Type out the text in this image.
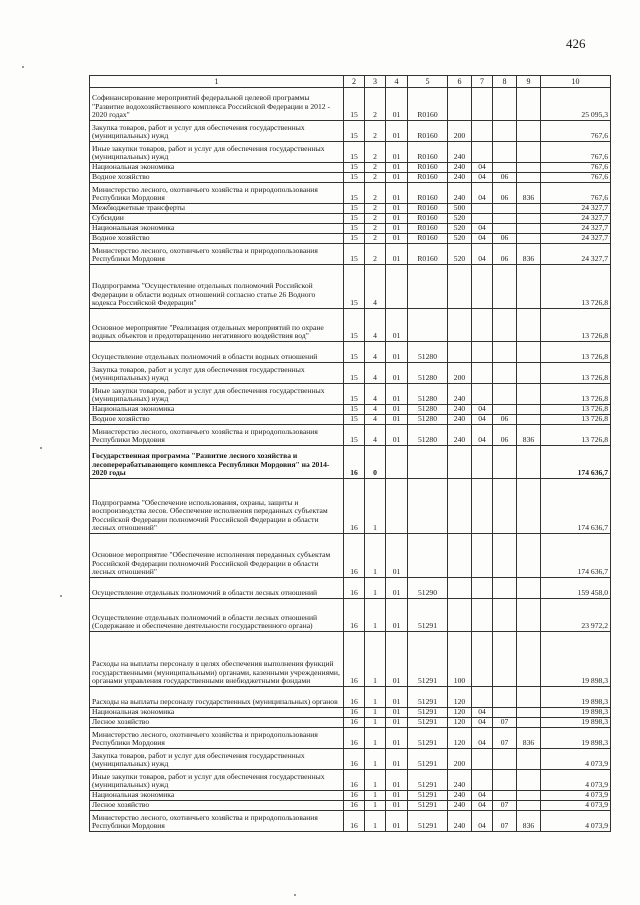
426
1	2	3	4	5	6	7	8	9	10
Софинансирование мероприятий федеральной целевой программы "Развитие водохозяйственного комплекса Российской Федерации в 2012 - 2020 годах"	15	2	01	R0160					25 095,3
Закупка товаров, работ и услуг для обеспечения государственных (муниципальных) нужд	15	2	01	R0160	200				767,6
Иные закупки товаров, работ и услуг для обеспечения государственных (муниципальных) нужд	15	2	01	R0160	240				767,6
Национальная экономика	15	2	01	R0160	240	04			767,6
Водное хозяйство	15	2	01	R0160	240	04	06		767,6
Министерство лесного, охотничьего хозяйства и природопользования Республики Мордовия	15	2	01	R0160	240	04	06	836	767,6
Межбюджетные трансферты	15	2	01	R0160	500				24 327,7
Субсидии	15	2	01	R0160	520				24 327,7
Национальная экономика	15	2	01	R0160	520	04			24 327,7
Водное хозяйство	15	2	01	R0160	520	04	06		24 327,7
Министерство лесного, охотничьего хозяйства и природопользования Республики Мордовия	15	2	01	R0160	520	04	06	836	24 327,7
Подпрограмма "Осуществление отдельных полномочий Российской Федерации в области водных отношений согласно статье 26 Водного кодекса Российской Федерации"	15	4							13 726,8
Основное мероприятие "Реализация отдельных мероприятий по охране водных объектов и предотвращению негативного воздействия вод"	15	4	01						13 726,8
Осуществление отдельных полномочий в области водных отношений	15	4	01	51280					13 726,8
Закупка товаров, работ и услуг для обеспечения государственных (муниципальных) нужд	15	4	01	51280	200				13 726,8
Иные закупки товаров, работ и услуг для обеспечения государственных (муниципальных) нужд	15	4	01	51280	240				13 726,8
Национальная экономика	15	4	01	51280	240	04			13 726,8
Водное хозяйство	15	4	01	51280	240	04	06		13 726,8
Министерство лесного, охотничьего хозяйства и природопользования Республики Мордовия	15	4	01	51280	240	04	06	836	13 726,8
Государственная программа "Развитие лесного хозяйства и лесоперерабатывающего комплекса Республики Мордовия" на 2014-2020 годы	16	0							174 636,7
Подпрограмма "Обеспечение использования, охраны, защиты и воспроизводства лесов. Обеспечение исполнения переданных субъектам Российской Федерации полномочий Российской Федерации в области лесных отношений"	16	1							174 636,7
Основное мероприятие "Обеспечение исполнения переданных субъектам Российской Федерации полномочий Российской Федерации в области лесных отношений"	16	1	01						174 636,7
Осуществление отдельных полномочий в области лесных отношений	16	1	01	51290					159 458,0
Осуществление отдельных полномочий в области лесных отношений (Содержание и обеспечение деятельности государственного органа)	16	1	01	51291					23 972,2
Расходы на выплаты персоналу в целях обеспечения выполнения функций государственными (муниципальными) органами, казенными учреждениями, органами управления государственными внебюджетными фондами	16	1	01	51291	100				19 898,3
Расходы на выплаты персоналу государственных (муниципальных) органов	16	1	01	51291	120				19 898,3
Национальная экономика	16	1	01	51291	120	04			19 898,3
Лесное хозяйство	16	1	01	51291	120	04	07		19 898,3
Министерство лесного, охотничьего хозяйства и природопользования Республики Мордовия	16	1	01	51291	120	04	07	836	19 898,3
Закупка товаров, работ и услуг для обеспечения государственных (муниципальных) нужд	16	1	01	51291	200				4 073,9
Иные закупки товаров, работ и услуг для обеспечения государственных (муниципальных) нужд	16	1	01	51291	240				4 073,9
Национальная экономика	16	1	01	51291	240	04			4 073,9
Лесное хозяйство	16	1	01	51291	240	04	07		4 073,9
Министерство лесного, охотничьего хозяйства и природопользования Республики Мордовия	16	1	01	51291	240	04	07	836	4 073,9
